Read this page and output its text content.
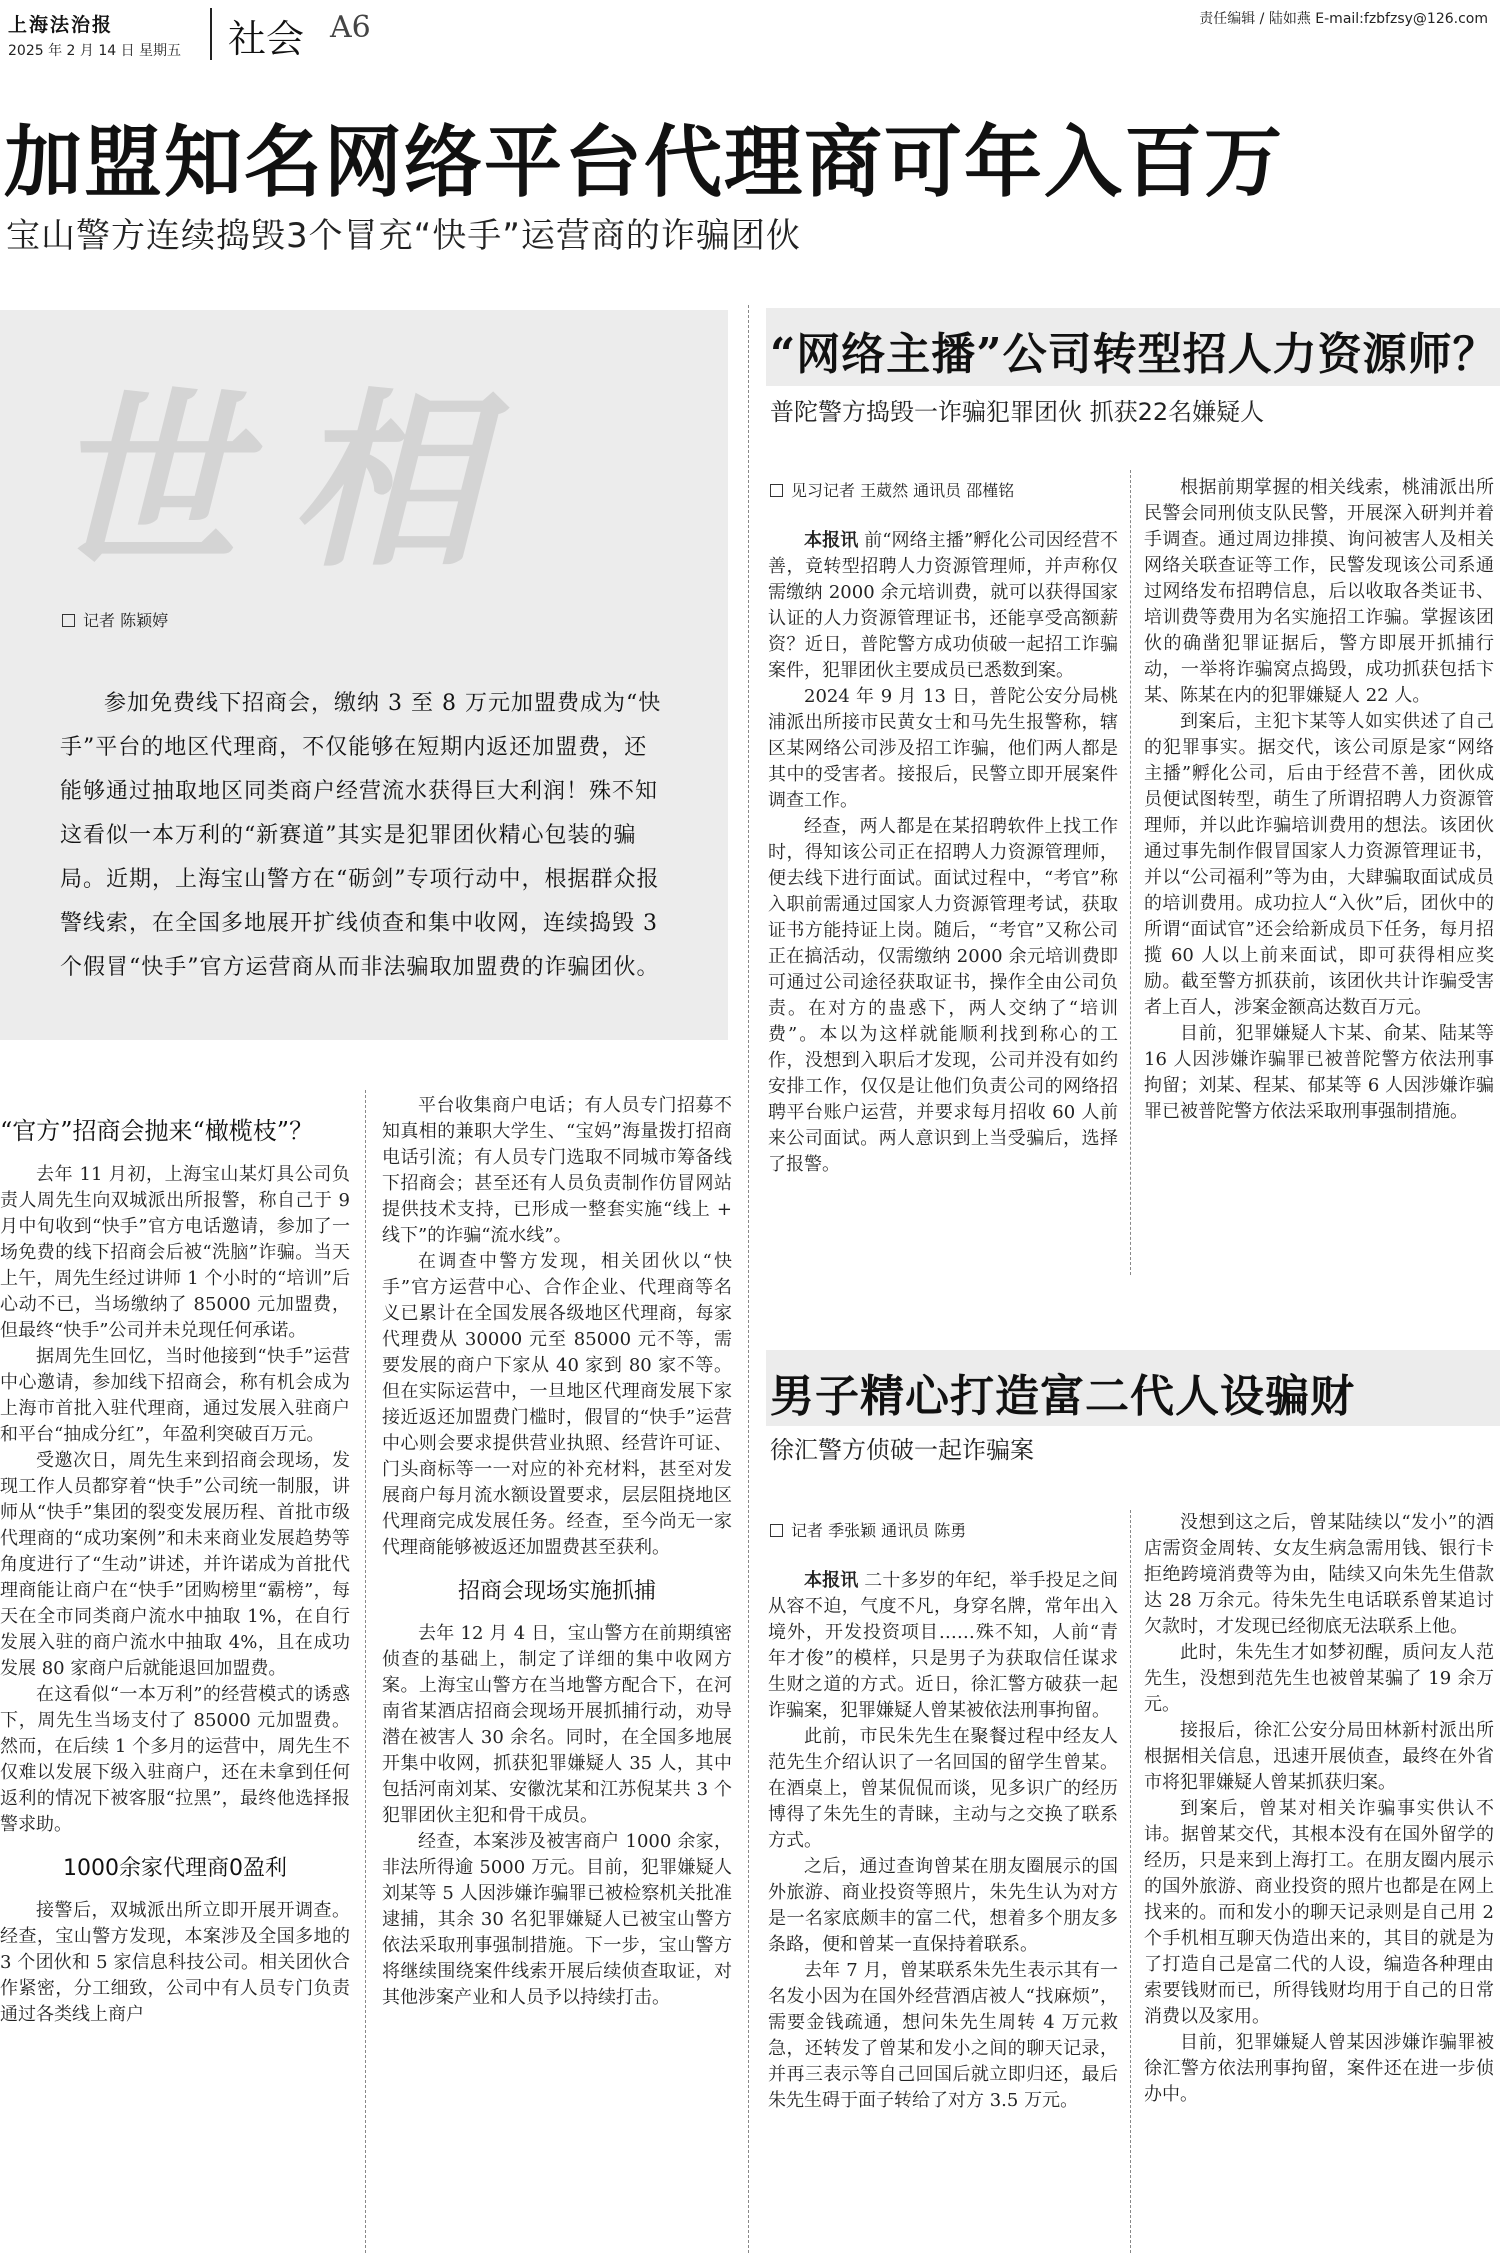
上海法治报
2025 年 2 月 14 日 星期五 社会 A6	责任编辑 / 陆如燕 E-mail:fzbfzsy@126.com
加盟知名网络平台代理商可年入百万
宝山警方连续捣毁3个冒充“快手”运营商的诈骗团伙
世相
记者 陈颖婷
参加免费线下招商会，缴纳 3 至 8 万元加盟费成为“快手”平台的地区代理商，不仅能够在短期内返还加盟费，还能够通过抽取地区同类商户经营流水获得巨大利润！殊不知这看似一本万利的“新赛道”其实是犯罪团伙精心包装的骗局。近期，上海宝山警方在“砺剑”专项行动中，根据群众报警线索，在全国多地展开扩线侦查和集中收网，连续捣毁 3 个假冒“快手”官方运营商从而非法骗取加盟费的诈骗团伙。
“官方”招商会抛来“橄榄枝”？

去年 11 月初，上海宝山某灯具公司负责人周先生向双城派出所报警，称自己于 9 月中旬收到“快手”官方电话邀请，参加了一场免费的线下招商会后被“洗脑”诈骗。当天上午，周先生经过讲师 1 个小时的“培训”后心动不已，当场缴纳了 85000 元加盟费，但最终“快手”公司并未兑现任何承诺。

据周先生回忆，当时他接到“快手”运营中心邀请，参加线下招商会，称有机会成为上海市首批入驻代理商，通过发展入驻商户和平台“抽成分红”，年盈利突破百万元。

受邀次日，周先生来到招商会现场，发现工作人员都穿着“快手”公司统一制服，讲师从“快手”集团的裂变发展历程、首批市级代理商的“成功案例”和未来商业发展趋势等角度进行了“生动”讲述，并许诺成为首批代理商能让商户在“快手”团购榜里“霸榜”，每天在全市同类商户流水中抽取 1%，在自行发展入驻的商户流水中抽取 4%，且在成功发展 80 家商户后就能退回加盟费。

在这看似“一本万利”的经营模式的诱惑下，周先生当场支付了 85000 元加盟费。然而，在后续 1 个多月的运营中，周先生不仅难以发展下级入驻商户，还在未拿到任何返利的情况下被客服“拉黑”，最终他选择报警求助。

1000余家代理商0盈利

接警后，双城派出所立即开展开调查。经查，宝山警方发现，本案涉及全国多地的 3 个团伙和 5 家信息科技公司。相关团伙合作紧密，分工细致，公司中有人员专门负责通过各类线上商户

平台收集商户电话；有人员专门招募不知真相的兼职大学生、“宝妈”海量拨打招商电话引流；有人员专门选取不同城市筹备线下招商会；甚至还有人员负责制作仿冒网站提供技术支持，已形成一整套实施“线上 + 线下”的诈骗“流水线”。

在调查中警方发现，相关团伙以“快手”官方运营中心、合作企业、代理商等名义已累计在全国发展各级地区代理商，每家代理费从 30000 元至 85000 元不等，需要发展的商户下家从 40 家到 80 家不等。但在实际运营中，一旦地区代理商发展下家接近返还加盟费门槛时，假冒的“快手”运营中心则会要求提供营业执照、经营许可证、门头商标等一一对应的补充材料，甚至对发展商户每月流水额设置要求，层层阻挠地区代理商完成发展任务。经查，至今尚无一家代理商能够被返还加盟费甚至获利。

招商会现场实施抓捕

去年 12 月 4 日，宝山警方在前期缜密侦查的基础上，制定了详细的集中收网方案。上海宝山警方在当地警方配合下，在河南省某酒店招商会现场开展抓捕行动，劝导潜在被害人 30 余名。同时，在全国多地展开集中收网，抓获犯罪嫌疑人 35 人，其中包括河南刘某、安徽沈某和江苏倪某共 3 个犯罪团伙主犯和骨干成员。

经查，本案涉及被害商户 1000 余家，非法所得逾 5000 万元。目前，犯罪嫌疑人刘某等 5 人因涉嫌诈骗罪已被检察机关批准逮捕，其余 30 名犯罪嫌疑人已被宝山警方依法采取刑事强制措施。下一步，宝山警方将继续围绕案件线索开展后续侦查取证，对其他涉案产业和人员予以持续打击。

“网络主播”公司转型招人力资源师？
普陀警方捣毁一诈骗犯罪团伙 抓获22名嫌疑人
见习记者 王葳然 通讯员 邵槿铭

本报讯 前“网络主播”孵化公司因经营不善，竟转型招聘人力资源管理师，并声称仅需缴纳 2000 余元培训费，就可以获得国家认证的人力资源管理证书，还能享受高额薪资？近日，普陀警方成功侦破一起招工诈骗案件，犯罪团伙主要成员已悉数到案。

2024 年 9 月 13 日，普陀公安分局桃浦派出所接市民黄女士和马先生报警称，辖区某网络公司涉及招工诈骗，他们两人都是其中的受害者。接报后，民警立即开展案件调查工作。

经查，两人都是在某招聘软件上找工作时，得知该公司正在招聘人力资源管理师，便去线下进行面试。面试过程中，“考官”称入职前需通过国家人力资源管理考试，获取证书方能持证上岗。随后，“考官”又称公司正在搞活动，仅需缴纳 2000 余元培训费即可通过公司途径获取证书，操作全由公司负责。在对方的蛊惑下，两人交纳了“培训费”。本以为这样就能顺利找到称心的工作，没想到入职后才发现，公司并没有如约安排工作，仅仅是让他们负责公司的网络招聘平台账户运营，并要求每月招收 60 人前来公司面试。两人意识到上当受骗后，选择了报警。

根据前期掌握的相关线索，桃浦派出所民警会同刑侦支队民警，开展深入研判并着手调查。通过周边排摸、询问被害人及相关网络关联查证等工作，民警发现该公司系通过网络发布招聘信息，后以收取各类证书、培训费等费用为名实施招工诈骗。掌握该团伙的确凿犯罪证据后，警方即展开抓捕行动，一举将诈骗窝点捣毁，成功抓获包括卞某、陈某在内的犯罪嫌疑人 22 人。

到案后，主犯卞某等人如实供述了自己的犯罪事实。据交代，该公司原是家“网络主播”孵化公司，后由于经营不善，团伙成员便试图转型，萌生了所谓招聘人力资源管理师，并以此诈骗培训费用的想法。该团伙通过事先制作假冒国家人力资源管理证书，并以“公司福利”等为由，大肆骗取面试成员的培训费用。成功拉人“入伙”后，团伙中的所谓“面试官”还会给新成员下任务，每月招揽 60 人以上前来面试，即可获得相应奖励。截至警方抓获前，该团伙共计诈骗受害者上百人，涉案金额高达数百万元。

目前，犯罪嫌疑人卞某、俞某、陆某等 16 人因涉嫌诈骗罪已被普陀警方依法刑事拘留；刘某、程某、郁某等 6 人因涉嫌诈骗罪已被普陀警方依法采取刑事强制措施。

男子精心打造富二代人设骗财
徐汇警方侦破一起诈骗案
记者 季张颖 通讯员 陈勇

本报讯 二十多岁的年纪，举手投足之间从容不迫，气度不凡，身穿名牌，常年出入境外，开发投资项目……殊不知，人前“青年才俊”的模样，只是男子为获取信任谋求生财之道的方式。近日，徐汇警方破获一起诈骗案，犯罪嫌疑人曾某被依法刑事拘留。

此前，市民朱先生在聚餐过程中经友人范先生介绍认识了一名回国的留学生曾某。在酒桌上，曾某侃侃而谈，见多识广的经历博得了朱先生的青睐，主动与之交换了联系方式。

之后，通过查询曾某在朋友圈展示的国外旅游、商业投资等照片，朱先生认为对方是一名家底颇丰的富二代，想着多个朋友多条路，便和曾某一直保持着联系。

去年 7 月，曾某联系朱先生表示其有一名发小因为在国外经营酒店被人“找麻烦”，需要金钱疏通，想问朱先生周转 4 万元救急，还转发了曾某和发小之间的聊天记录，并再三表示等自己回国后就立即归还，最后朱先生碍于面子转给了对方 3.5 万元。

没想到这之后，曾某陆续以“发小”的酒店需资金周转、女友生病急需用钱、银行卡拒绝跨境消费等为由，陆续又向朱先生借款达 28 万余元。待朱先生电话联系曾某追讨欠款时，才发现已经彻底无法联系上他。

此时，朱先生才如梦初醒，质问友人范先生，没想到范先生也被曾某骗了 19 余万元。

接报后，徐汇公安分局田林新村派出所根据相关信息，迅速开展侦查，最终在外省市将犯罪嫌疑人曾某抓获归案。

到案后，曾某对相关诈骗事实供认不讳。据曾某交代，其根本没有在国外留学的经历，只是来到上海打工。在朋友圈内展示的国外旅游、商业投资的照片也都是在网上找来的。而和发小的聊天记录则是自己用 2 个手机相互聊天伪造出来的，其目的就是为了打造自己是富二代的人设，编造各种理由索要钱财而已，所得钱财均用于自己的日常消费以及家用。

目前，犯罪嫌疑人曾某因涉嫌诈骗罪被徐汇警方依法刑事拘留，案件还在进一步侦办中。
